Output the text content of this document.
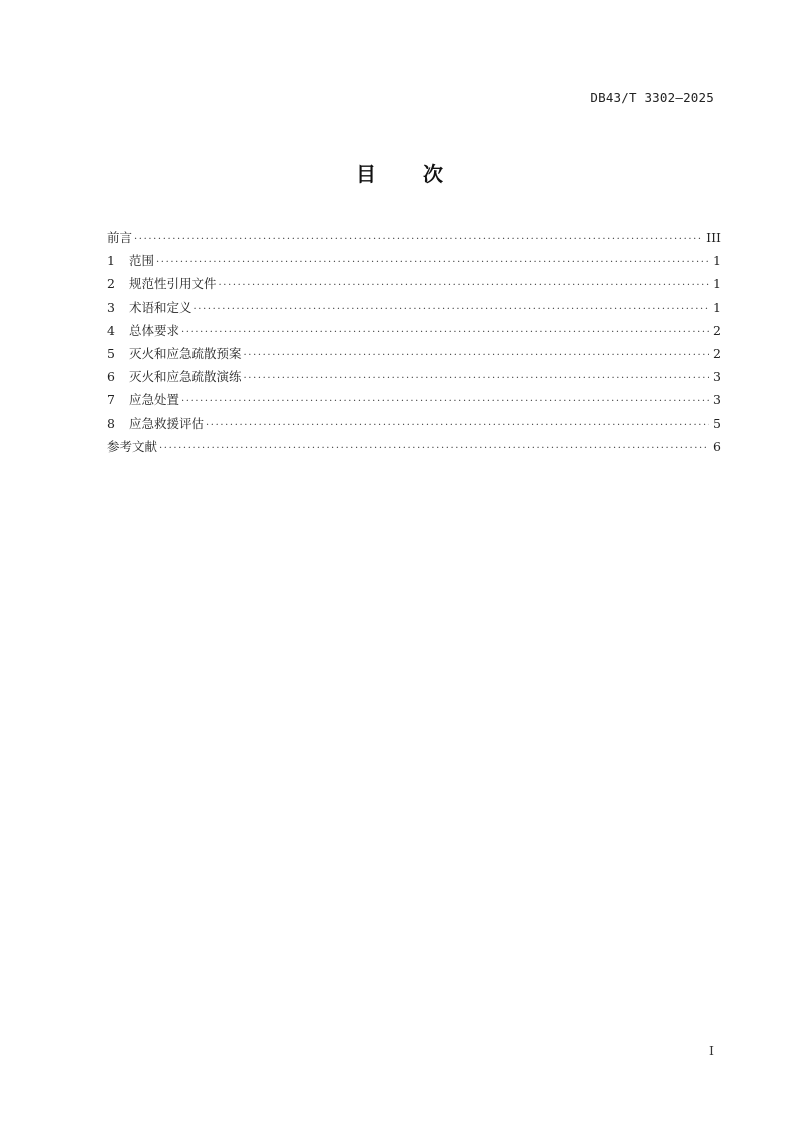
DB43/T 3302—2025
目 次
前言 ·····	III
1	范围 ·····	1
2	规范性引用文件 ·····	1
3	术语和定义 ·····	1
4	总体要求 ·····	2
5	灭火和应急疏散预案 ·····	2
6	灭火和应急疏散演练 ·····	3
7	应急处置 ·····	3
8	应急救援评估 ·····	5
参考文献 ·····	6
I
